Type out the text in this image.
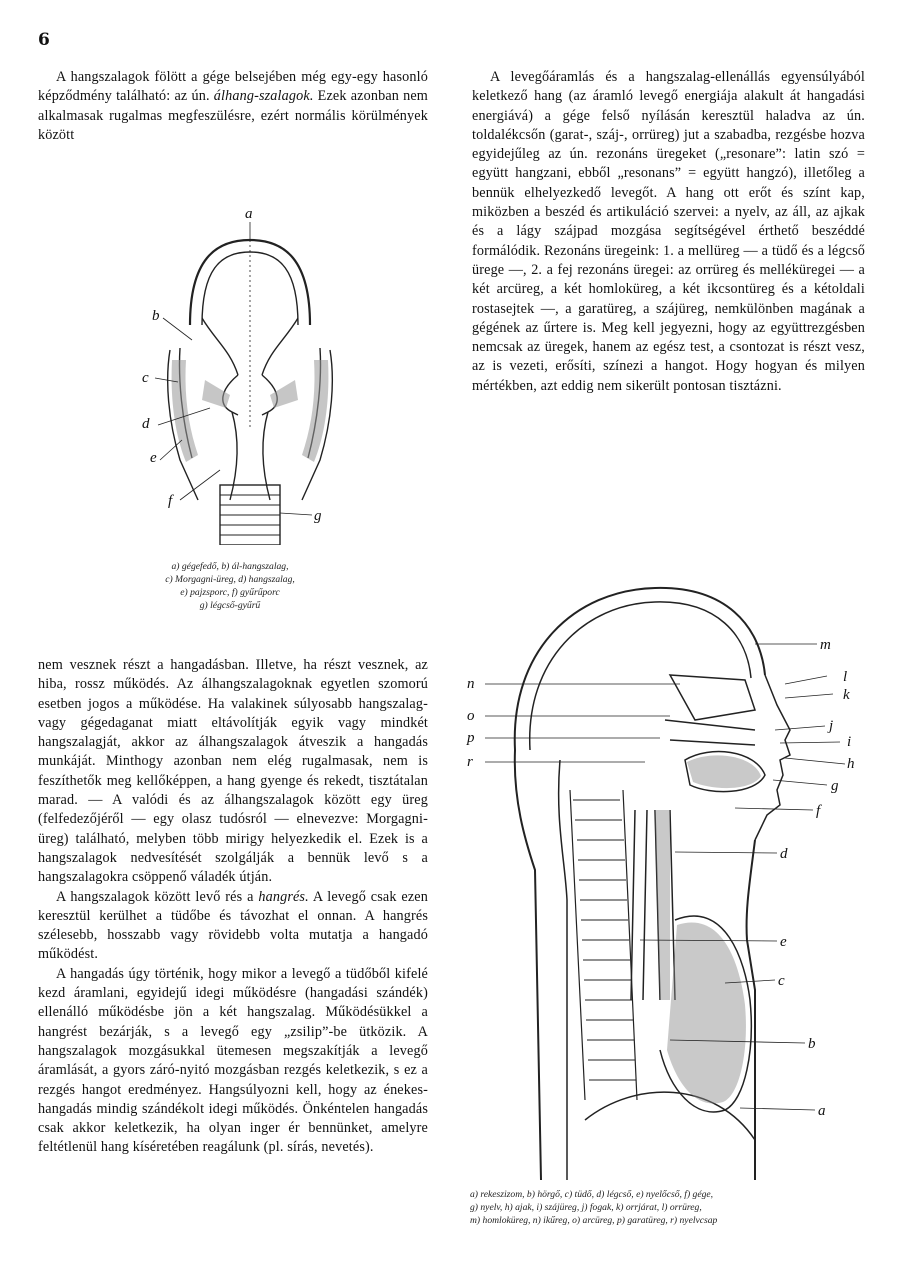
6

A hangszalagok fölött a gége belsejében még egy-egy hasonló képződmény található: az ún. álhang-szalagok. Ezek azonban nem alkalmasak rugalmas megfeszülésre, ezért normális körülmények között

a
b
c
d
e
f
g
a) gégefedő, b) ál-hangszalag,
c) Morgagni-üreg, d) hangszalag,
e) pajzsporc, f) gyűrűporc
g) légcső-gyűrű

A levegőáramlás és a hangszalag-ellenállás egyensúlyából keletkező hang (az áramló levegő energiája alakult át hangadási energiává) a gége felső nyílásán keresztül haladva az ún. toldalékcsőn (garat-, száj-, orrüreg) jut a szabadba, rezgésbe hozva egyidejűleg az ún. rezonáns üregeket („resonare”: latin szó = együtt hangzani, ebből „resonans” = együtt hangzó), illetőleg a bennük elhelyezkedő levegőt. A hang ott erőt és színt kap, miközben a beszéd és artikuláció szervei: a nyelv, az áll, az ajkak és a lágy szájpad mozgása segítségével érthető beszéddé formálódik. Rezonáns üregeink: 1. a mellüreg — a tüdő és a légcső ürege —, 2. a fej rezonáns üregei: az orrüreg és melléküregei — a két arcüreg, a két homloküreg, a két ikcsontüreg és a kétoldali rostasejtek —, a garatüreg, a szájüreg, nemkülönben magának a gégének az űrtere is. Meg kell jegyezni, hogy az együttrezgésben nemcsak az üregek, hanem az egész test, a csontozat is részt vesz, az is vezeti, erősíti, színezi a hangot. Hogy hogyan és milyen mértékben, azt eddig nem sikerült pontosan tisztázni.

nem vesznek részt a hangadásban. Illetve, ha részt vesznek, az hiba, rossz működés. Az álhangszalagoknak egyetlen szomorú esetben jogos a működése. Ha valakinek súlyosabb hangszalag- vagy gégedaganat miatt eltávolítják egyik vagy mindkét hangszalagját, akkor az álhangszalagok átveszik a hangadás munkáját. Minthogy azonban nem elég rugalmasak, nem is feszíthetők meg kellőképpen, a hang gyenge és rekedt, tisztátalan marad. — A valódi és az álhangszalagok között egy üreg (felfedezőjéről — egy olasz tudósról — elnevezve: Morgagni-üreg) található, melyben több mirigy helyezkedik el. Ezek is a hangszalagok nedvesítését szolgálják a bennük levő s a hangszalagokra csöppenő váladék útján.

A hangszalagok között levő rés a hangrés. A levegő csak ezen keresztül kerülhet a tüdőbe és távozhat el onnan. A hangrés szélesebb, hosszabb vagy rövidebb volta mutatja a hangadó működést.

A hangadás úgy történik, hogy mikor a levegő a tüdőből kifelé kezd áramlani, egyidejű idegi működésre (hangadási szándék) ellenálló működésbe jön a két hangszalag. Működésükkel a hangrést bezárják, s a levegő egy „zsilip”-be ütközik. A hangszalagok mozgásukkal ütemesen megszakítják a levegő áramlását, a gyors záró-nyitó mozgásban rezgés keletkezik, s ez a rezgés hangot eredményez. Hangsúlyozni kell, hogy az énekes-hangadás mindig szándékolt idegi működés. Önkéntelen hangadás csak akkor keletkezik, ha olyan inger ér bennünket, amelyre feltétlenül hang kíséretében reagálunk (pl. sírás, nevetés).

m
l
k
n
o
p
r
j
i
h
g
f
d
e
c
b
a
a) rekeszizom, b) hörgő, c) tüdő, d) légcső, e) nyelőcső, f) gége,
g) nyelv, h) ajak, i) szájüreg, j) fogak, k) orrjárat, l) orrüreg,
m) homloküreg, n) ikűreg, o) arcüreg, p) garatüreg, r) nyelvcsap
